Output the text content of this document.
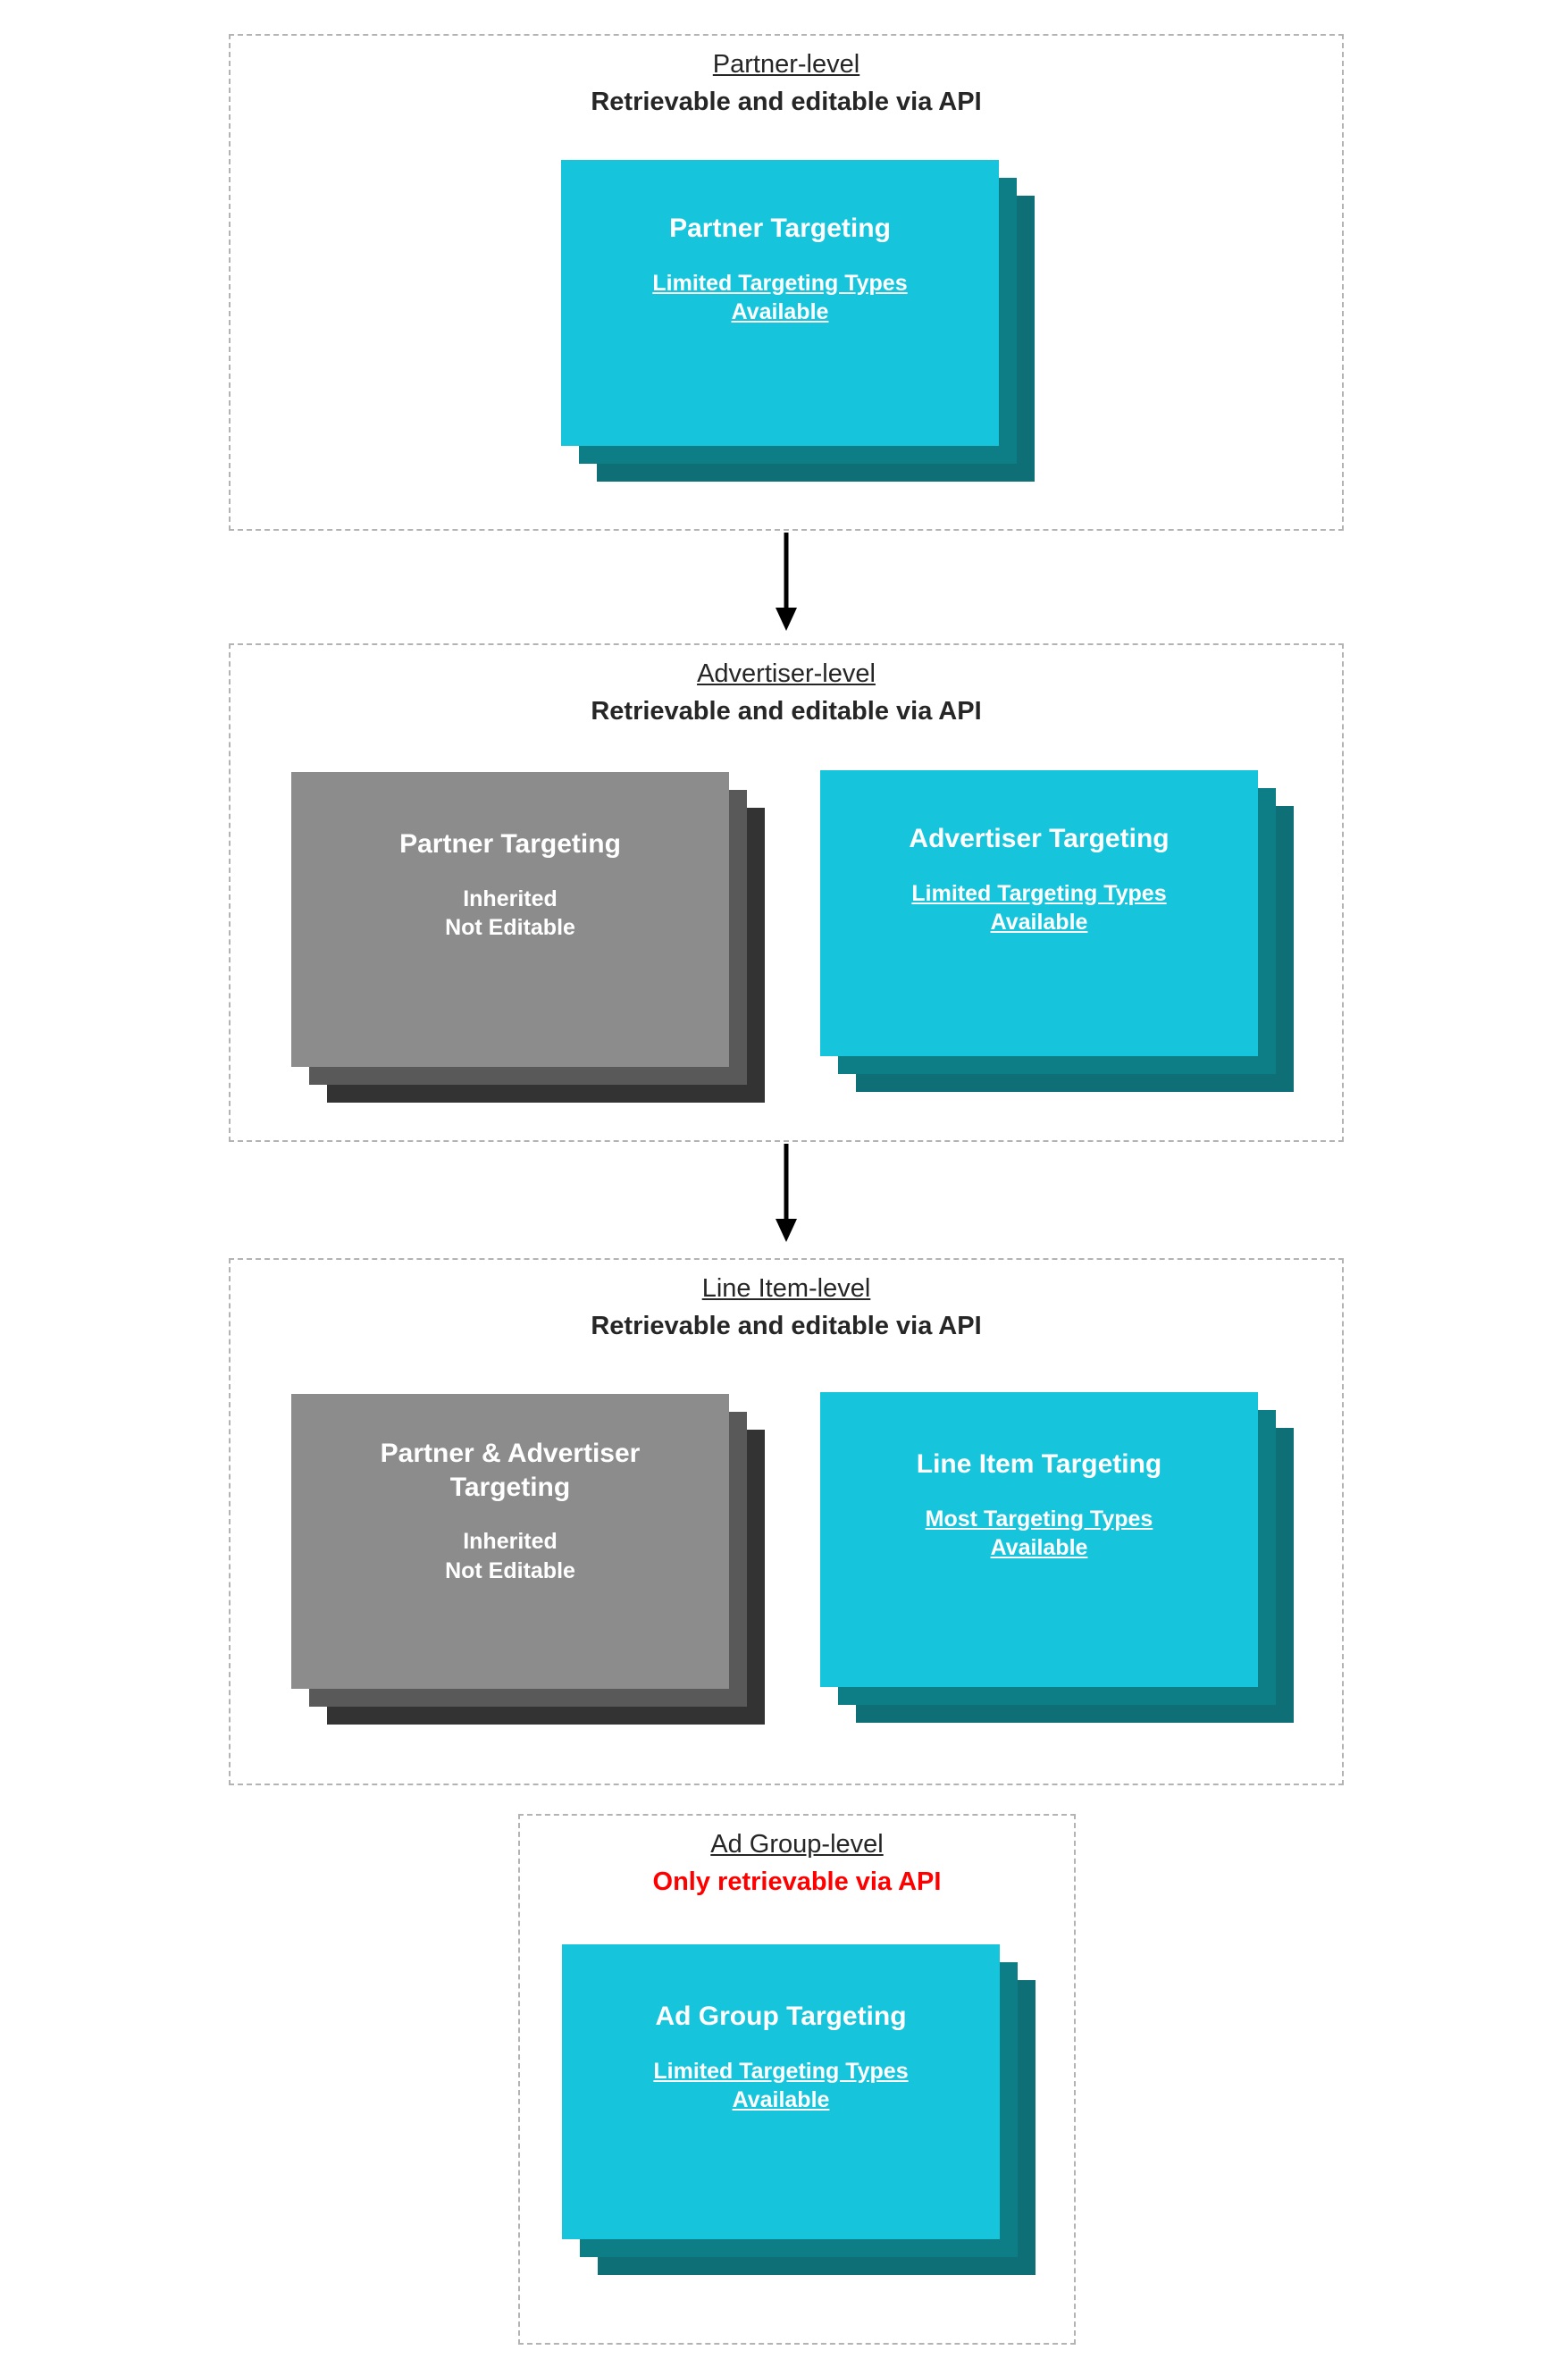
Partner-level
Retrievable and editable via API
Partner Targeting
Limited Targeting Types
Available
Advertiser-level
Retrievable and editable via API
Partner Targeting
Inherited
Not Editable
Advertiser Targeting
Limited Targeting Types
Available
Line Item-level
Retrievable and editable via API
Partner & Advertiser Targeting
Inherited
Not Editable
Line Item Targeting
Most Targeting Types
Available
Ad Group-level
Only retrievable via API
Ad Group Targeting
Limited Targeting Types
Available
